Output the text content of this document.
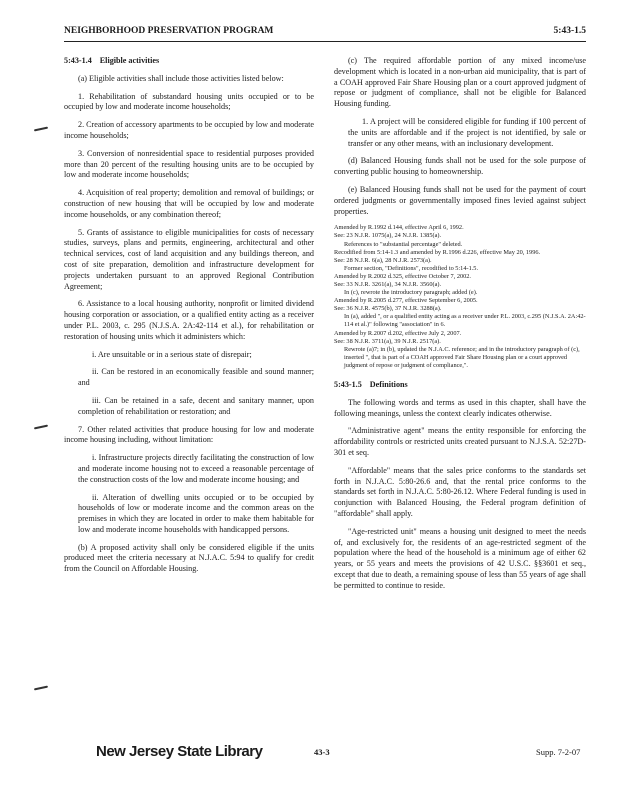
NEIGHBORHOOD PRESERVATION PROGRAM	5:43-1.5
5:43-1.4 Eligible activities

(a) Eligible activities shall include those activities listed below:

1. Rehabilitation of substandard housing units occupied or to be occupied by low and moderate income households;

2. Creation of accessory apartments to be occupied by low and moderate income households;

3. Conversion of nonresidential space to residential purposes provided more than 20 percent of the resulting housing units are to be occupied by low and moderate income households;

4. Acquisition of real property; demolition and removal of buildings; or construction of new housing that will be occupied by low and moderate income households, or any combination thereof;

5. Grants of assistance to eligible municipalities for costs of necessary studies, surveys, plans and permits, engineering, architectural and other technical services, cost of land acquisition and any buildings thereon, and cost of site preparation, demolition and infrastructure development for projects undertaken pursuant to an approved Regional Contribution Agreement;

6. Assistance to a local housing authority, nonprofit or limited dividend housing corporation or association, or a qualified entity acting as a receiver under P.L. 2003, c. 295 (N.J.S.A. 2A:42-114 et al.), for rehabilitation or restoration of housing units which it administers which:

i. Are unsuitable or in a serious state of disrepair;

ii. Can be restored in an economically feasible and sound manner; and

iii. Can be retained in a safe, decent and sanitary manner, upon completion of rehabilitation or restoration; and

7. Other related activities that produce housing for low and moderate income housing including, without limitation:

i. Infrastructure projects directly facilitating the construction of low and moderate income housing not to exceed a reasonable percentage of the construction costs of the low and moderate income housing; and

ii. Alteration of dwelling units occupied or to be occupied by households of low or moderate income and the common areas on the premises in which they are located in order to make them habitable for low and moderate income households with handicapped persons.

(b) A proposed activity shall only be considered eligible if the units produced meet the criteria necessary at N.J.A.C. 5:94 to qualify for credit from the Council on Affordable Housing.

(c) The required affordable portion of any mixed income/use development which is located in a non-urban aid municipality, that is part of a COAH approved Fair Share Housing plan or a court approved judgment of repose or judgment of compliance, shall not be eligible for Balanced Housing funding.

1. A project will be considered eligible for funding if 100 percent of the units are affordable and if the project is not identified, by sale or transfer or any other means, with an inclusionary development.

(d) Balanced Housing funds shall not be used for the sole purpose of converting public housing to homeownership.

(e) Balanced Housing funds shall not be used for the payment of court ordered judgments or governmentally imposed fines levied against subject properties.

Amended by R.1992 d.144, effective April 6, 1992.
See: 23 N.J.R. 1075(a), 24 N.J.R. 1385(a).
References to "substantial percentage" deleted.
Recodified from 5:14-1.3 and amended by R.1996 d.226, effective May 20, 1996.
See: 28 N.J.R. 6(a), 28 N.J.R. 2573(a).
Former section, "Definitions", recodified to 5:14-1.5.
Amended by R.2002 d.325, effective October 7, 2002.
See: 33 N.J.R. 3261(a), 34 N.J.R. 3560(a).
In (c), rewrote the introductory paragraph; added (e).
Amended by R.2005 d.277, effective September 6, 2005.
See: 36 N.J.R. 4575(b), 37 N.J.R. 3288(a).
In (a), added ", or a qualified entity acting as a receiver under P.L. 2003, c.295 (N.J.S.A. 2A:42-114 et al.)" following "association" in 6.
Amended by R.2007 d.202, effective July 2, 2007.
See: 38 N.J.R. 3711(a), 39 N.J.R. 2517(a).
Rewrote (a)7; in (b), updated the N.J.A.C. reference; and in the introductory paragraph of (c), inserted ", that is part of a COAH approved Fair Share Housing plan or a court approved judgment of repose or judgment of compliance,".
5:43-1.5 Definitions

The following words and terms as used in this chapter, shall have the following meanings, unless the context clearly indicates otherwise.

"Administrative agent" means the entity responsible for enforcing the affordability controls or restricted units created pursuant to N.J.S.A. 52:27D-301 et seq.

"Affordable" means that the sales price conforms to the standards set forth in N.J.A.C. 5:80-26.6 and, that the rental price conforms to the standards set forth in N.J.A.C. 5:80-26.12. Where Federal funding is used in conjunction with Balanced Housing, the Federal program definition of "affordable" shall apply.

"Age-restricted unit" means a housing unit designed to meet the needs of, and exclusively for, the residents of an age-restricted segment of the population where the head of the household is a minimum age of either 62 years, or 55 years and meets the provisions of 42 U.S.C. §§3601 et seq., except that due to death, a remaining spouse of less than 55 years of age shall be permitted to continue to reside.

New Jersey State Library	43-3	Supp. 7-2-07
